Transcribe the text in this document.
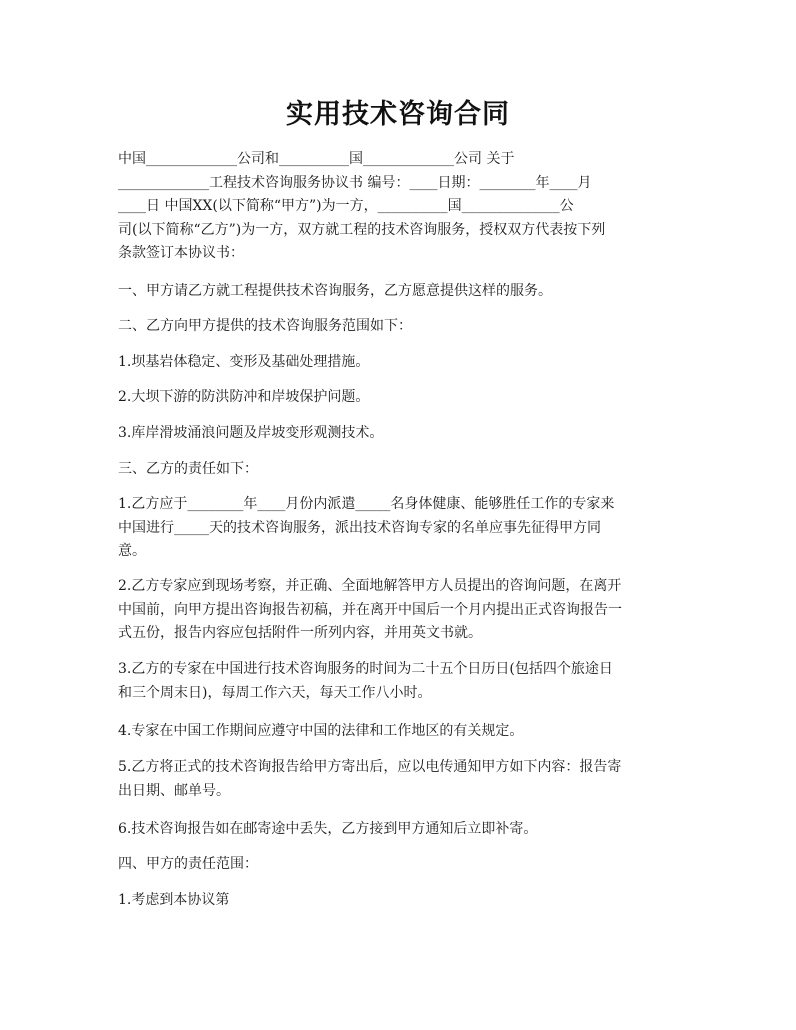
实用技术咨询合同
中国_____________公司和__________国_____________公司 关于
_____________工程技术咨询服务协议书 编号：____日期：________年____月
____日 中国XX(以下简称“甲方”)为一方，__________国______________公
司(以下简称“乙方”)为一方，双方就工程的技术咨询服务，授权双方代表按下列
条款签订本协议书：
一、甲方请乙方就工程提供技术咨询服务，乙方愿意提供这样的服务。
二、乙方向甲方提供的技术咨询服务范围如下：
1.坝基岩体稳定、变形及基础处理措施。
2.大坝下游的防洪防冲和岸坡保护问题。
3.库岸滑坡涌浪问题及岸坡变形观测技术。
三、乙方的责任如下：
1.乙方应于________年____月份内派遣_____名身体健康、能够胜任工作的专家来
中国进行_____天的技术咨询服务，派出技术咨询专家的名单应事先征得甲方同
意。
2.乙方专家应到现场考察，并正确、全面地解答甲方人员提出的咨询问题，在离开
中国前，向甲方提出咨询报告初稿，并在离开中国后一个月内提出正式咨询报告一
式五份，报告内容应包括附件一所列内容，并用英文书就。
3.乙方的专家在中国进行技术咨询服务的时间为二十五个日历日(包括四个旅途日
和三个周末日)，每周工作六天，每天工作八小时。
4.专家在中国工作期间应遵守中国的法律和工作地区的有关规定。
5.乙方将正式的技术咨询报告给甲方寄出后，应以电传通知甲方如下内容：报告寄
出日期、邮单号。
6.技术咨询报告如在邮寄途中丢失，乙方接到甲方通知后立即补寄。
四、甲方的责任范围：
1.考虑到本协议第
